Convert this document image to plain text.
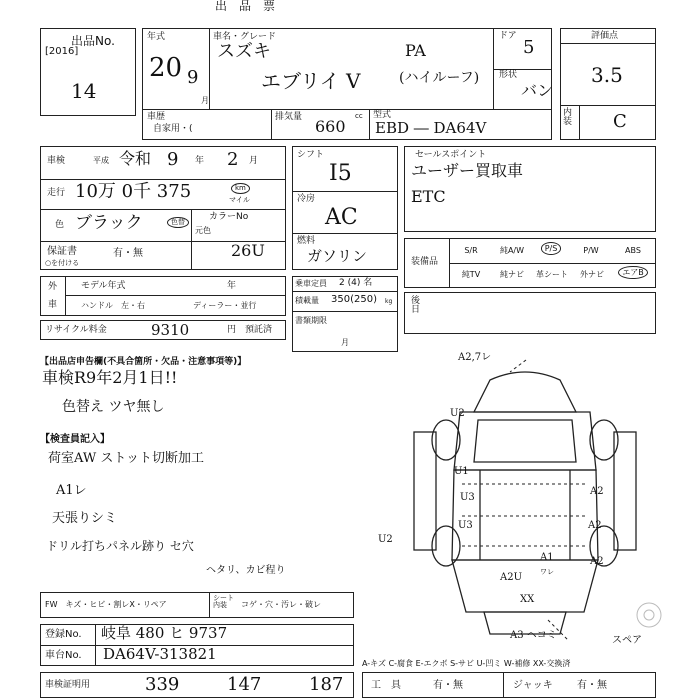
出　品　票
出品No.
[2016]
14
年式
20 9
月
車名・グレード
スズキ	PA
エブリイ V	(ハイルーフ)
ドア
5
形状
バン
車歴
自家用・(
排気量 660
cc 型式
EBD ― DA64V
評価点
3.5
内装 C
車検	平成 令和 9 年 2 月
走行 10万 0千 375	km
マイル
色 ブラック	色替	カラーNo
元色
26U
保証書	有・無
○を付ける
シフト
I5
冷房
AC
燃料
ガソリン
セールスポイント
ユーザー買取車
ETC
装備品
S/R	純A/W	P/S	P/W	ABS
純TV	純ナビ	革シート	外ナビ	エアB
後日
外
車
モデル年式	年
ハンドル　左・右	ディーラー・並行
乗車定員 2 (4) 名
積載量 350(250) kg
書類期限
月
リサイクル料金	9310	円 預託済
【出品店申告欄(不具合箇所・欠品・注意事項等)】
車検R9年2月1日!!
色替え ツヤ無し
【検査員記入】
荷室AW ストット切断加工
A1レ
天張りシミ
ドリル打ちパネル跡り セ穴
ヘタリ、カビ程り
A2,7レ
U2
U1
U3
A2
A2
U3
U2
A2
A1
A2U
XX
A3 ヘコミ
ワレ
スペア
FW　キズ・ヒビ・割レX・リペア
シート
内装	コゲ・穴・汚レ・破レ
登録No. 岐阜 480 ヒ 9737
車台No. DA64V-313821
A-キズ C-腐食 E-エクボ S-サビ U-凹ミ W-補修 XX-交換済
車検証明用	339	147	187	工　具	有・無	ジャッキ 有・無
